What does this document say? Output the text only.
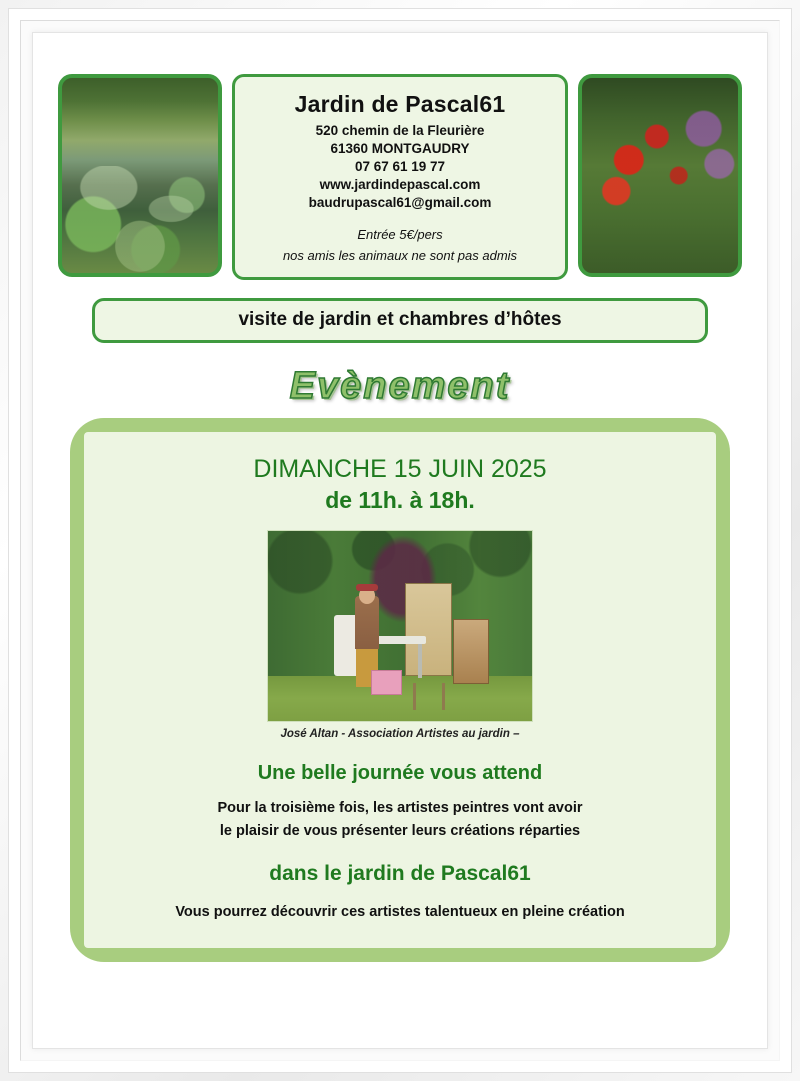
Jardin de Pascal61
520 chemin de la Fleurière
61360 MONTGAUDRY
07 67 61 19 77
www.jardindepascal.com
baudrupascal61@gmail.com
Entrée 5€/pers
nos amis les animaux ne sont pas admis
visite de jardin et chambres d’hôtes
Evènement
DIMANCHE 15 JUIN 2025
de 11h. à 18h.
José Altan - Association Artistes au jardin –
Une belle journée vous attend
Pour la troisième fois, les artistes peintres vont avoir
le plaisir de vous présenter leurs créations réparties
dans le jardin de Pascal61
Vous pourrez découvrir ces artistes talentueux en pleine création
